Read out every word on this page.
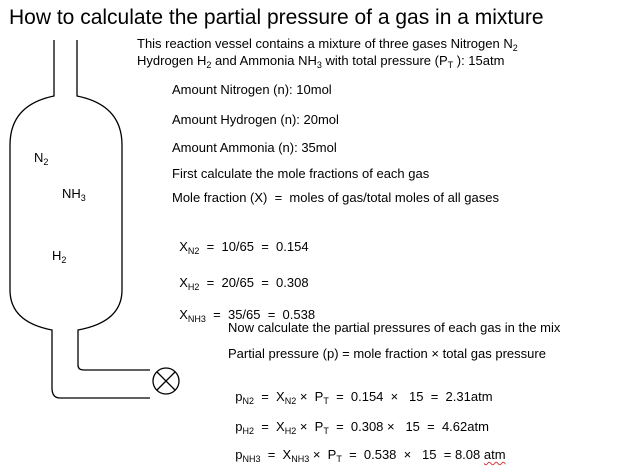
$N_2$
$NH_3$
$H_2$
How to calculate the partial pressure of a gas in a mixture
This reaction vessel contains a mixture of three gases Nitrogen $N_2$
Hydrogen $H_2$ and Ammonia $NH_3$ with total pressure ($P_T$ ): 15atm
Amount Nitrogen (n): 10mol
Amount Hydrogen (n): 20mol
Amount Ammonia (n): 35mol
First calculate the mole fractions of each gas
Mole fraction (X)  =  moles of gas/total moles of all gases

$X_{N2} = 10/65 = 0.154$

$X_{H2} = 20/65 = 0.308$

$X_{NH3} = 35/65 = 0.538$

Now calculate the partial pressures of each gas in the mix
Partial pressure (p) = mole fraction × total gas pressure

$p_{N2} = X_{N2} \times P_T = 0.154 \times 15 = 2.31atm$

$p_{H2} = X_{H2} \times P_T = 0.308 \times 15 = 4.62atm$

$p_{NH3} = X_{NH3} \times P_T = 0.538 \times 15 = 8.08$ atm
